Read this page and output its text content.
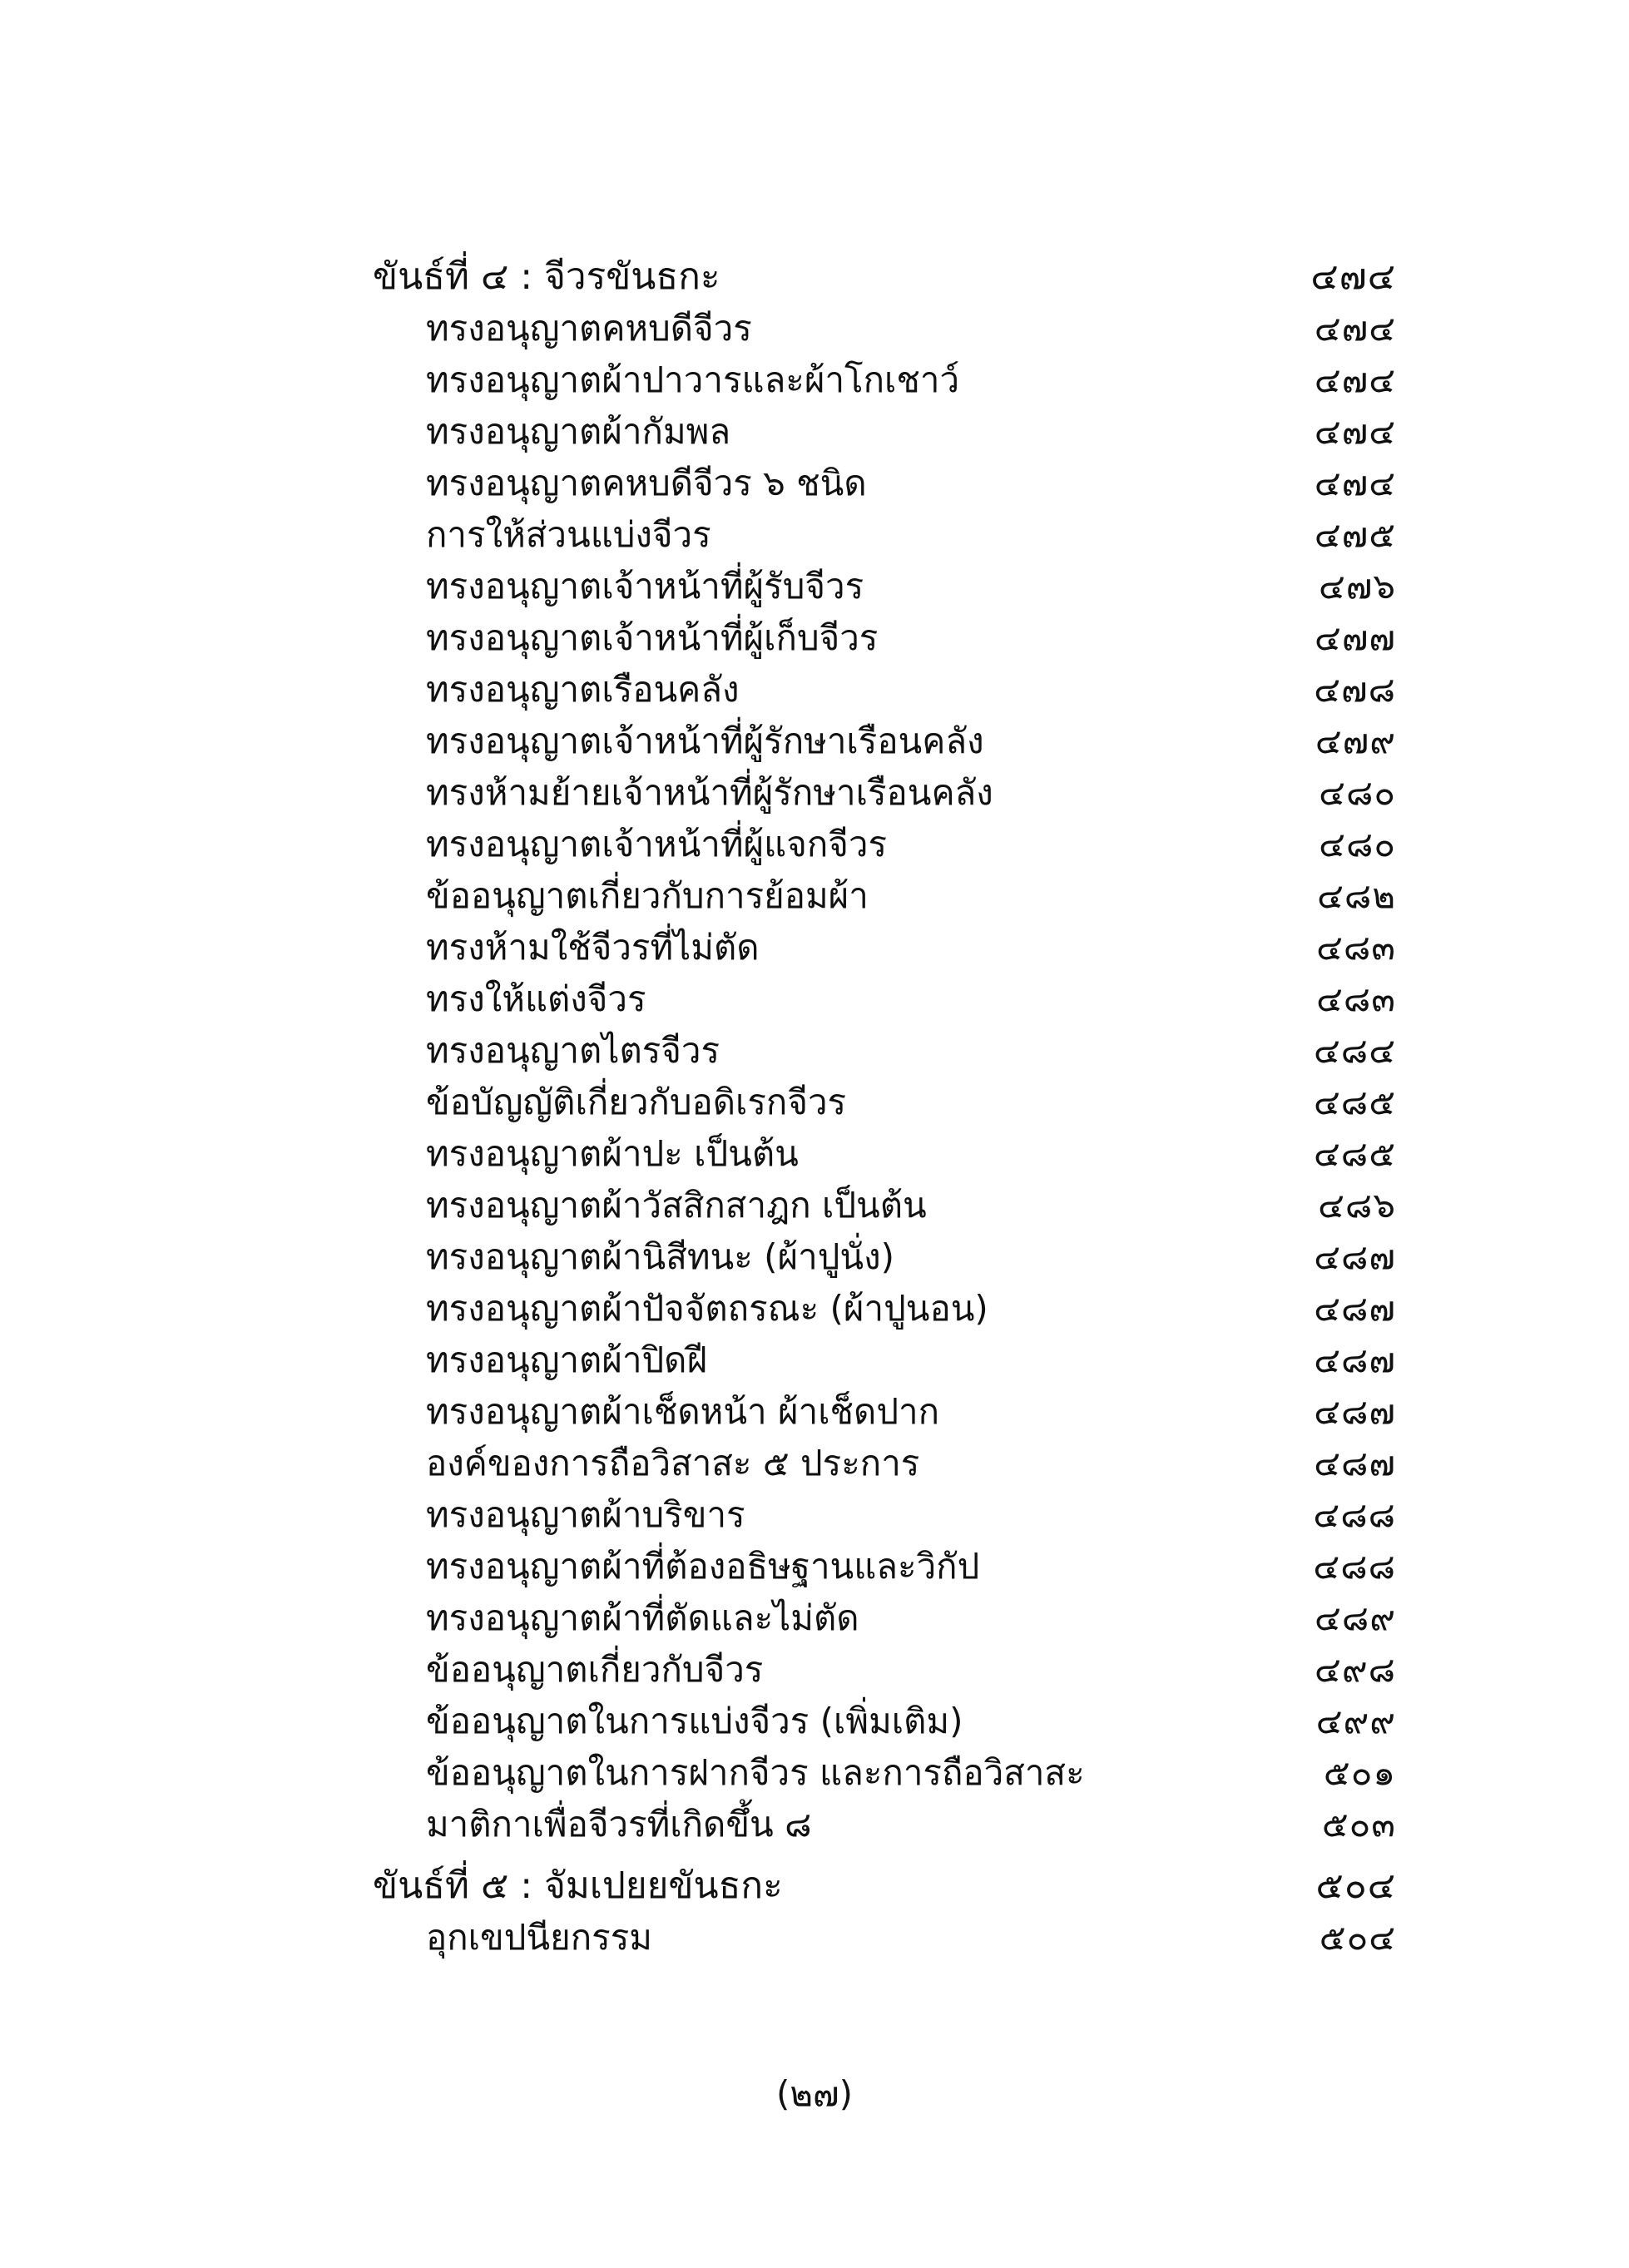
ขันธ์ที่ ๔ : จีวรขันธกะ	๔๗๔
ทรงอนุญาตคหบดีจีวร	๔๗๔
ทรงอนุญาตผ้าปาวารและผ้าโกเชาว์	๔๗๔
ทรงอนุญาตผ้ากัมพล	๔๗๔
ทรงอนุญาตคหบดีจีวร ๖ ชนิด	๔๗๔
การให้ส่วนแบ่งจีวร	๔๗๕
ทรงอนุญาตเจ้าหน้าที่ผู้รับจีวร	๔๗๖
ทรงอนุญาตเจ้าหน้าที่ผู้เก็บจีวร	๔๗๗
ทรงอนุญาตเรือนคลัง	๔๗๘
ทรงอนุญาตเจ้าหน้าที่ผู้รักษาเรือนคลัง	๔๗๙
ทรงห้ามย้ายเจ้าหน้าที่ผู้รักษาเรือนคลัง	๔๘๐
ทรงอนุญาตเจ้าหน้าที่ผู้แจกจีวร	๔๘๐
ข้ออนุญาตเกี่ยวกับการย้อมผ้า	๔๘๒
ทรงห้ามใช้จีวรที่ไม่ตัด	๔๘๓
ทรงให้แต่งจีวร	๔๘๓
ทรงอนุญาตไตรจีวร	๔๘๔
ข้อบัญญัติเกี่ยวกับอดิเรกจีวร	๔๘๕
ทรงอนุญาตผ้าปะ เป็นต้น	๔๘๕
ทรงอนุญาตผ้าวัสสิกสาฎก เป็นต้น	๔๘๖
ทรงอนุญาตผ้านิสีทนะ (ผ้าปูนั่ง)	๔๘๗
ทรงอนุญาตผ้าปัจจัตถรณะ (ผ้าปูนอน)	๔๘๗
ทรงอนุญาตผ้าปิดฝี	๔๘๗
ทรงอนุญาตผ้าเช็ดหน้า ผ้าเช็ดปาก	๔๘๗
องค์ของการถือวิสาสะ ๕ ประการ	๔๘๗
ทรงอนุญาตผ้าบริขาร	๔๘๘
ทรงอนุญาตผ้าที่ต้องอธิษฐานและวิกัป	๔๘๘
ทรงอนุญาตผ้าที่ตัดและไม่ตัด	๔๘๙
ข้ออนุญาตเกี่ยวกับจีวร	๔๙๘
ข้ออนุญาตในการแบ่งจีวร (เพิ่มเติม)	๔๙๙
ข้ออนุญาตในการฝากจีวร และการถือวิสาสะ	๕๐๑
มาติกาเพื่อจีวรที่เกิดขึ้น ๘	๕๐๓
ขันธ์ที่ ๕ : จัมเปยยขันธกะ	๕๐๔
อุกเขปนียกรรม	๕๐๔
(๒๗)
